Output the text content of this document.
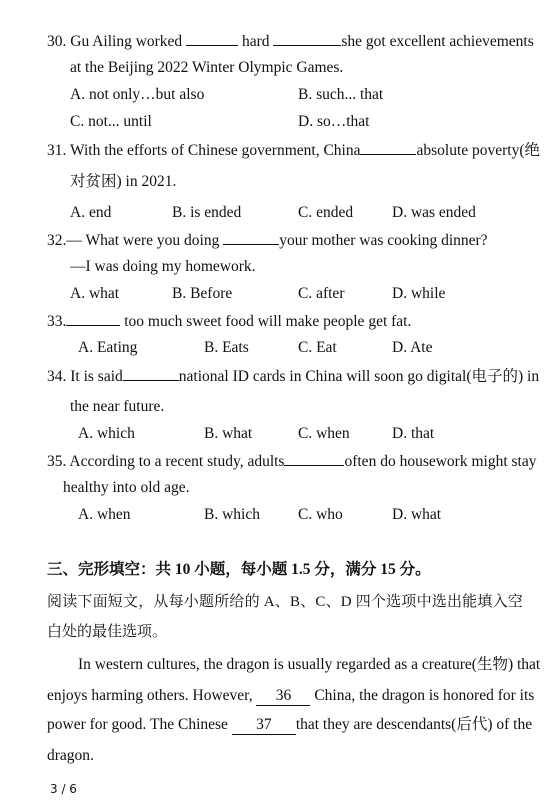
30. Gu Ailing worked	hard	she got excellent achievements
at the Beijing 2022 Winter Olympic Games.
A. not only…but also	B. such... that
C. not... until	D. so…that
31. With the efforts of Chinese government, China	absolute poverty(绝
对贫困) in 2021.
A. end	B. is ended	C. ended	D. was ended
32.— What were you doing	your mother was cooking dinner?
—I was doing my homework.
A. what	B. Before	C. after	D. while
33.	too much sweet food will make people get fat.
A. Eating	B. Eats	C. Eat	D. Ate
34. It is said	national ID cards in China will soon go digital(电子的) in
the near future.
A. which	B. what	C. when	D. that
35. According to a recent study, adults	often do housework might stay
healthy into old age.
A. when	B. which C. who	D. what
三、完形填空：共 10 小题，每小题 1.5 分，满分 15 分。
阅读下面短文，从每小题所给的 A、B、C、D 四个选项中选出能填入空
白处的最佳选项。
In western cultures, the dragon is usually regarded as a creature(生物) that
enjoys harming others. However, 36 China, the dragon is honored for its
power for good. The Chinese 37 that they are descendants(后代) of the
dragon.
3 / 6
